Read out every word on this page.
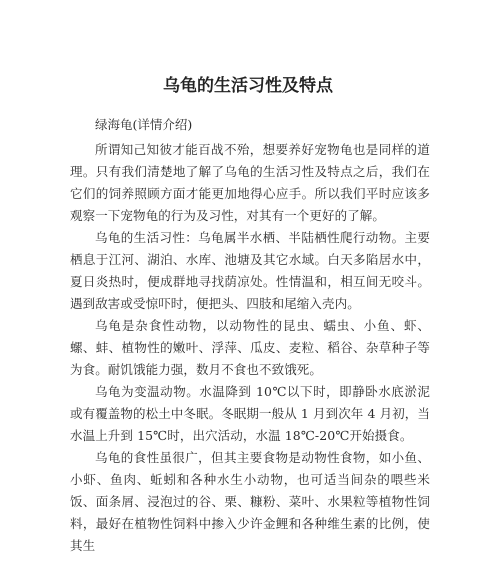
乌龟的生活习性及特点

绿海龟(详情介绍)

所谓知己知彼才能百战不殆，想要养好宠物龟也是同样的道理。只有我们清楚地了解了乌龟的生活习性及特点之后，我们在它们的饲养照顾方面才能更加地得心应手。所以我们平时应该多观察一下宠物龟的行为及习性，对其有一个更好的了解。

乌龟的生活习性：乌龟属半水栖、半陆栖性爬行动物。主要栖息于江河、湖泊、水库、池塘及其它水域。白天多陷居水中，夏日炎热时，便成群地寻找荫凉处。性情温和，相互间无咬斗。遇到敌害或受惊吓时，便把头、四肢和尾缩入壳内。

乌龟是杂食性动物，以动物性的昆虫、蠕虫、小鱼、虾、螺、蚌、植物性的嫩叶、浮萍、瓜皮、麦粒、稻谷、杂草种子等为食。耐饥饿能力强，数月不食也不致饿死。

乌龟为变温动物。水温降到 10℃以下时，即静卧水底淤泥或有覆盖物的松土中冬眠。冬眠期一般从 1 月到次年 4 月初，当水温上升到 15℃时，出穴活动，水温 18℃-20℃开始摄食。

乌龟的食性虽很广，但其主要食物是动物性食物，如小鱼、小虾、鱼肉、蚯蚓和各种水生小动物，也可适当间杂的喂些米饭、面条屑、浸泡过的谷、栗、糠粉、菜叶、水果粒等植物性饲料，最好在植物性饲料中掺入少许金鲤和各种维生素的比例，使其生
